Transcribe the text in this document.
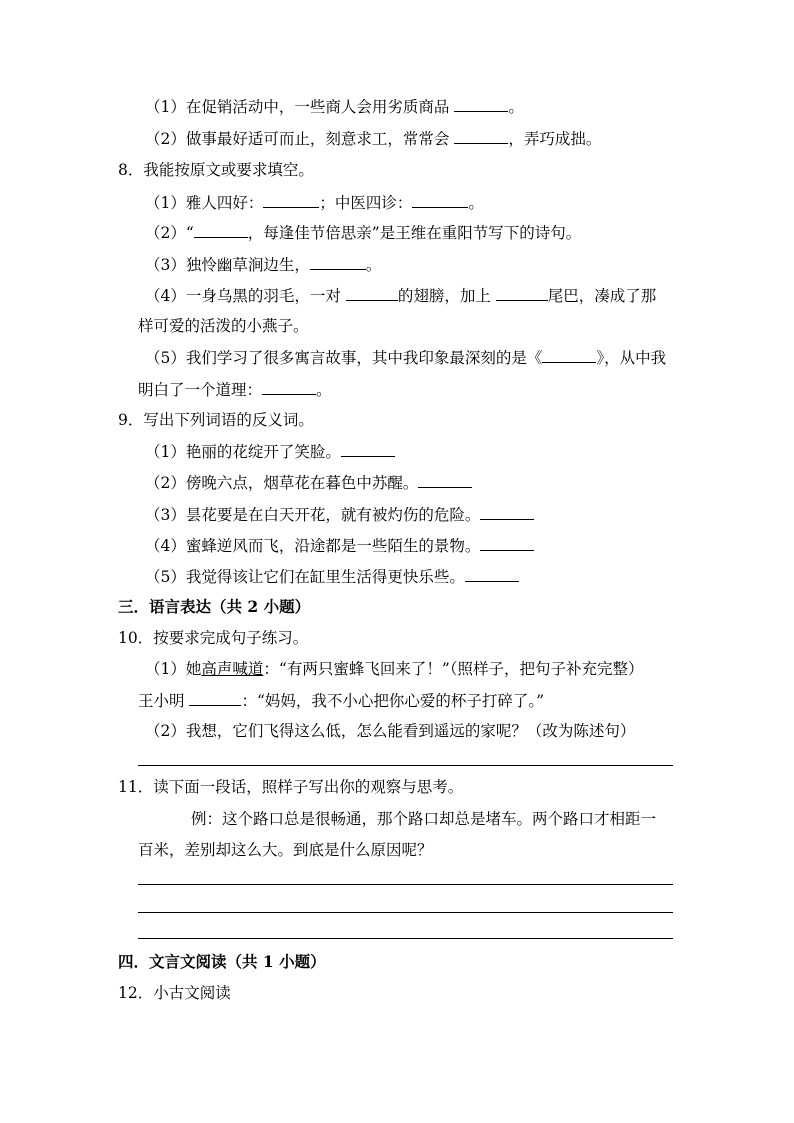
（1）在促销活动中，一些商人会用劣质商品	。
（2）做事最好适可而止，刻意求工，常常会	，弄巧成拙。
8．我能按原文或要求填空。
（1）雅人四好：	；中医四诊：	。
（2）“	，每逢佳节倍思亲”是王维在重阳节写下的诗句。
（3）独怜幽草涧边生，	。
（4）一身乌黑的羽毛，一对	的翅膀，加上	尾巴，凑成了那
样可爱的活泼的小燕子。
（5）我们学习了很多寓言故事，其中我印象最深刻的是《	》，从中我
明白了一个道理：	。
9．写出下列词语的反义词。
（1）艳丽的花绽开了笑脸。
（2）傍晚六点，烟草花在暮色中苏醒。
（3）昙花要是在白天开花，就有被灼伤的危险。
（4）蜜蜂逆风而飞，沿途都是一些陌生的景物。
（5）我觉得该让它们在缸里生活得更快乐些。
三．语言表达（共 2 小题）
10．按要求完成句子练习。
（1）她高声喊道：“有两只蜜蜂飞回来了！”（照样子，把句子补充完整）
王小明	：“妈妈，我不小心把你心爱的杯子打碎了。”
（2）我想，它们飞得这么低，怎么能看到遥远的家呢？（改为陈述句）
11．读下面一段话，照样子写出你的观察与思考。
例：这个路口总是很畅通，那个路口却总是堵车。两个路口才相距一
百米，差别却这么大。到底是什么原因呢？
四．文言文阅读（共 1 小题）
12．小古文阅读
